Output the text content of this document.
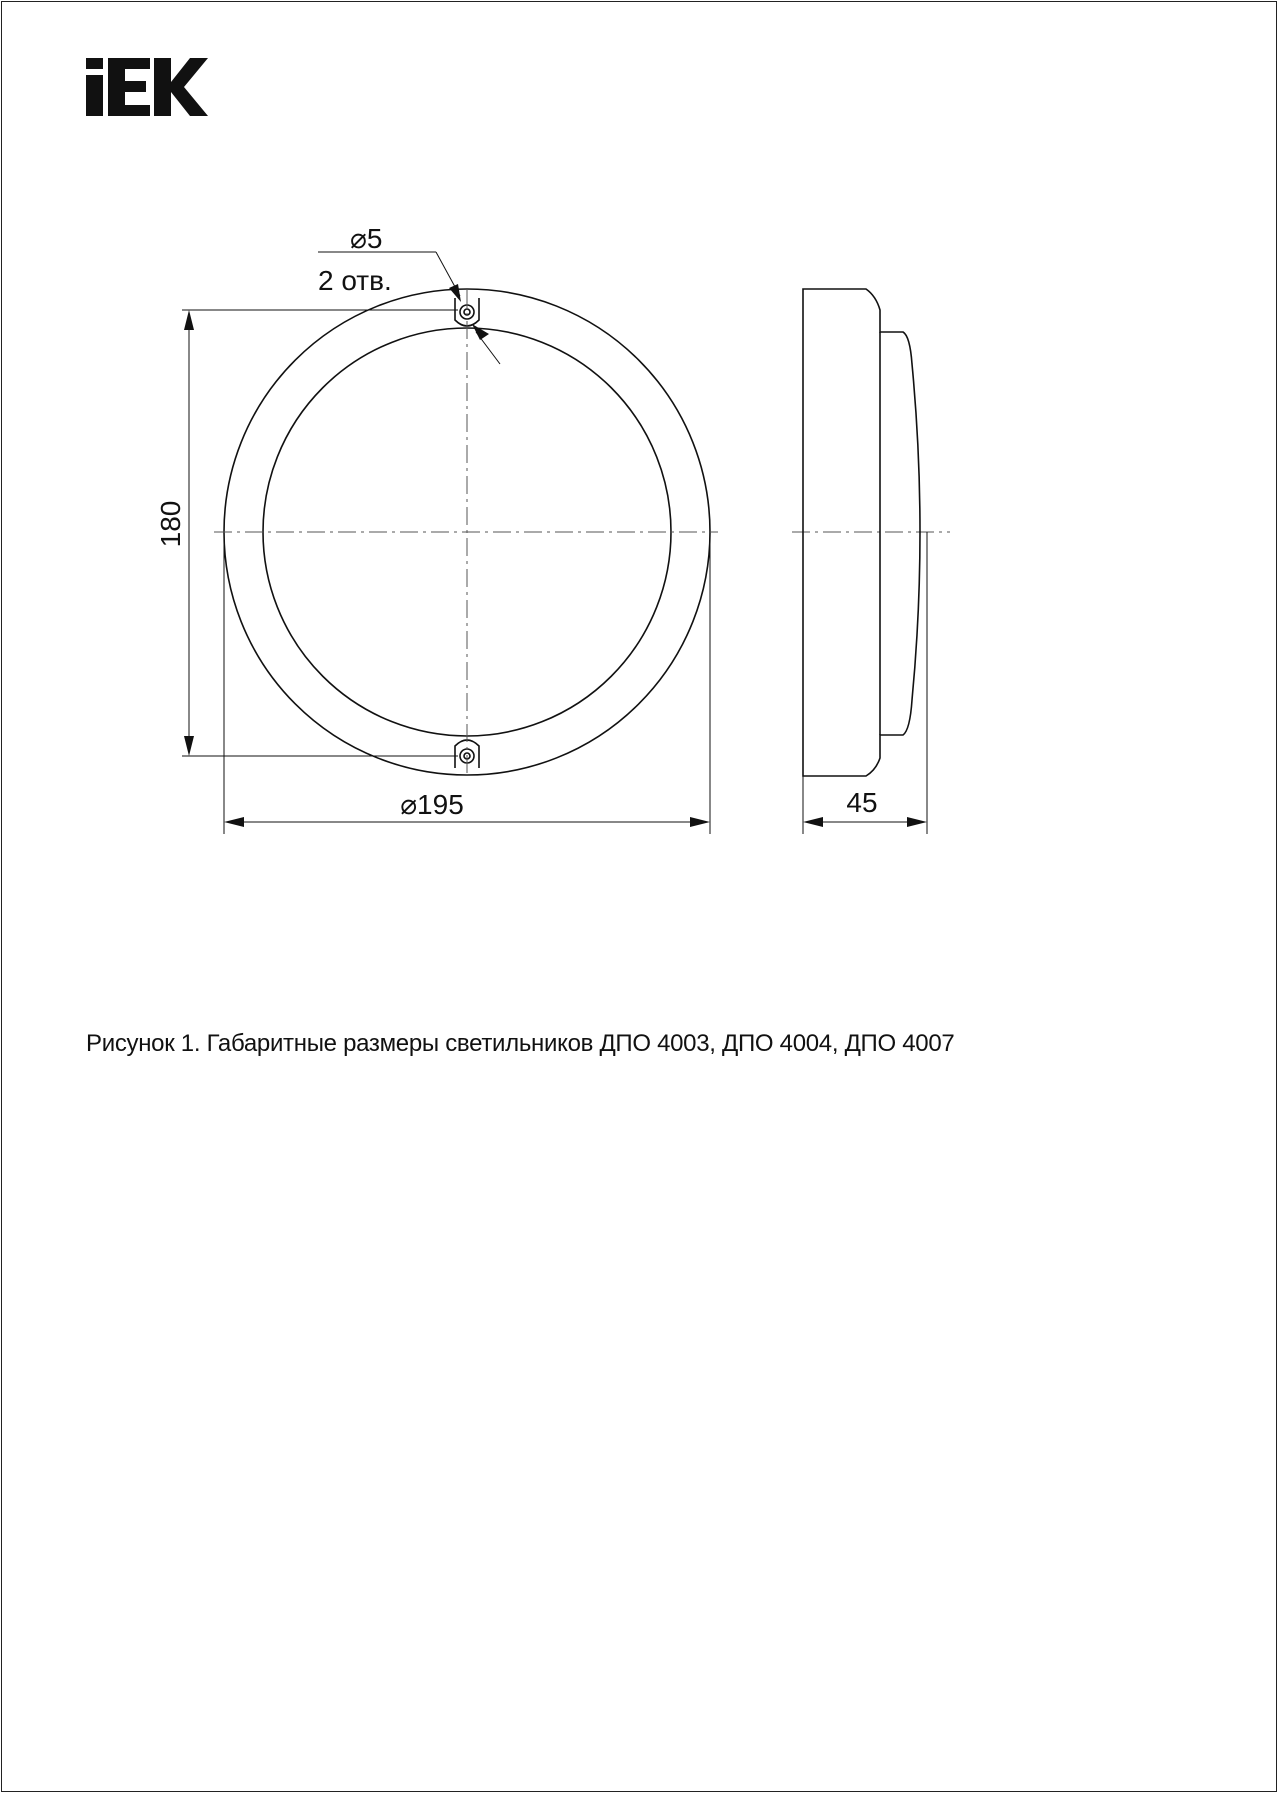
⌀5
2 отв.
180
⌀195	45
Рисунок 1. Габаритные размеры светильников ДПО 4003, ДПО 4004, ДПО 4007
